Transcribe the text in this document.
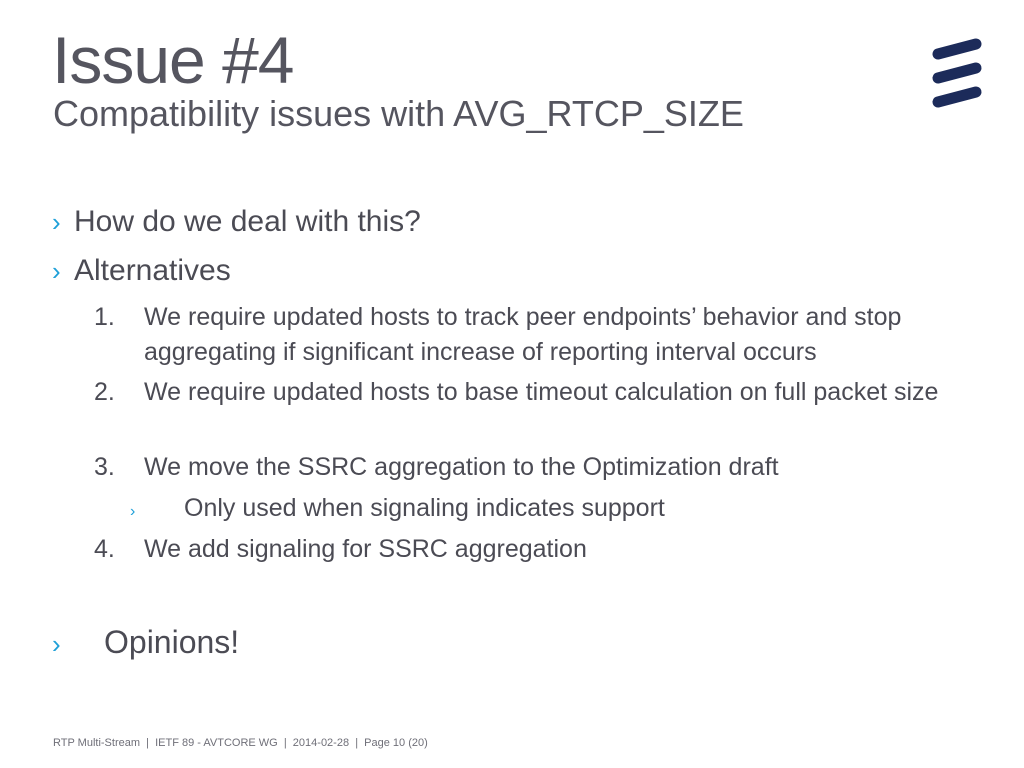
Issue #4
Compatibility issues with AVG_RTCP_SIZE
› How do we deal with this?
› Alternatives
1.	We require updated hosts to track peer endpoints’ behavior and stop aggregating if significant increase of reporting interval occurs
2.	We require updated hosts to base timeout calculation on full packet size
3.	We move the SSRC aggregation to the Optimization draft
›	Only used when signaling indicates support
4.	We add signaling for SSRC aggregation
›	Opinions!
RTP Multi-Stream  |  IETF 89 - AVTCORE WG  |  2014-02-28  |  Page 10 (20)
